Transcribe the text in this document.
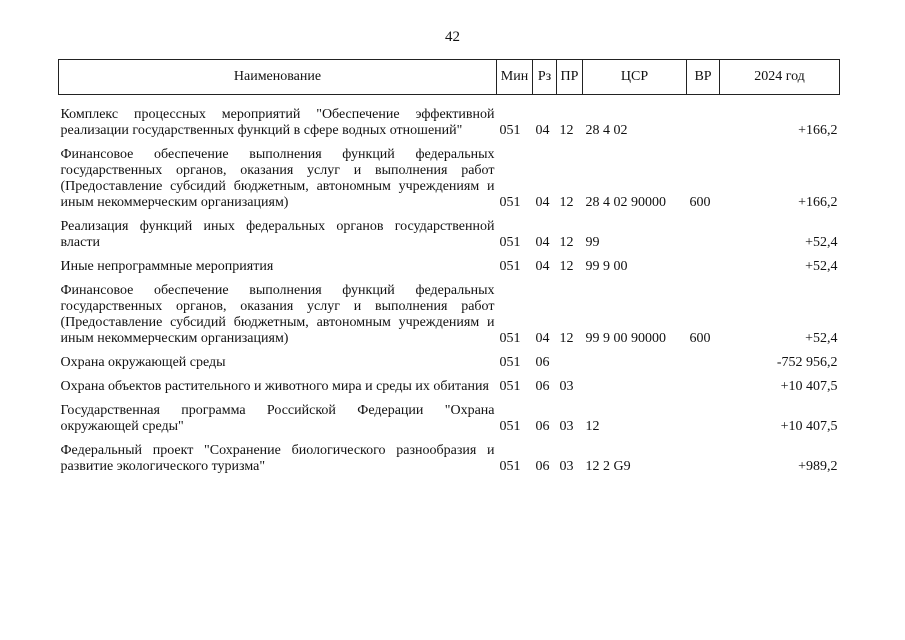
42
Наименование	Мин	Рз	ПР	ЦСР	ВР	2024 год

Комплекс процессных мероприятий "Обеспечение эффективной реализации государственных функций в сфере водных отношений"	051	04	12	28 4 02		+166,2

Финансовое обеспечение выполнения функций федеральных государственных органов, оказания услуг и выполнения работ (Предоставление субсидий бюджетным, автономным учреждениям и иным некоммерческим организациям)	051	04	12	28 4 02 90000	600	+166,2

Реализация функций иных федеральных органов государственной власти	051	04	12	99		+52,4

Иные непрограммные мероприятия	051	04	12	99 9 00		+52,4

Финансовое обеспечение выполнения функций федеральных государственных органов, оказания услуг и выполнения работ (Предоставление субсидий бюджетным, автономным учреждениям и иным некоммерческим организациям)	051	04	12	99 9 00 90000	600	+52,4

Охрана окружающей среды	051	06				-752 956,2

Охрана объектов растительного и животного мира и среды их обитания	051	06	03			+10 407,5

Государственная программа Российской Федерации "Охрана окружающей среды"	051	06	03	12		+10 407,5

Федеральный проект "Сохранение биологического разнообразия и развитие экологического туризма"	051	06	03	12 2 G9		+989,2
